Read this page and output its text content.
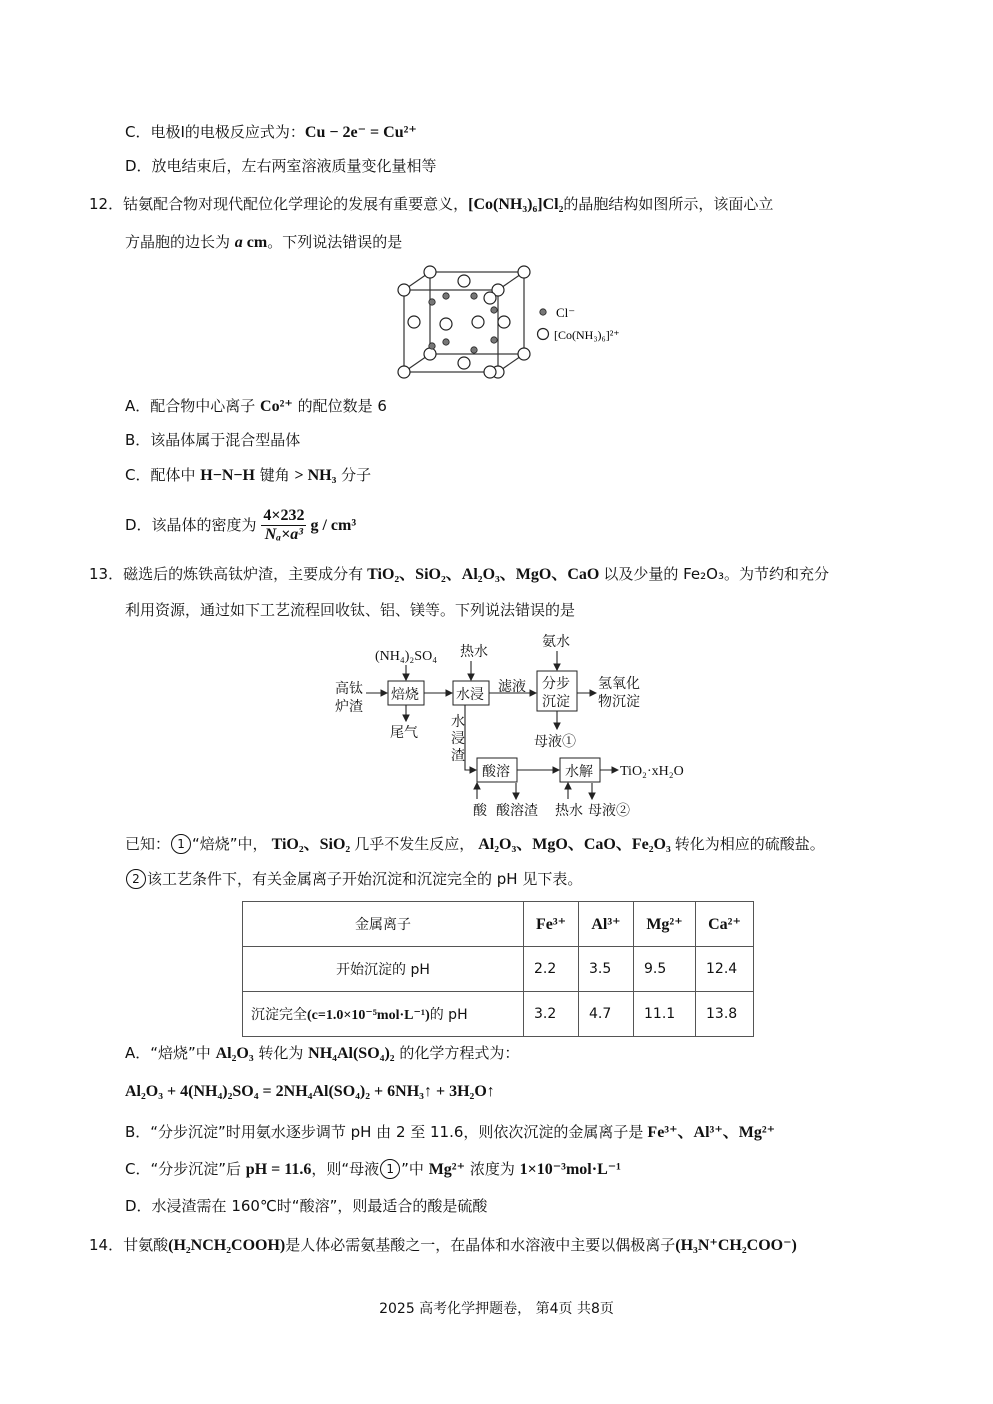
C．电极Ⅰ的电极反应式为：Cu − 2e⁻ = Cu²⁺
D．放电结束后，左右两室溶液质量变化量相等
12．钴氨配合物对现代配位化学理论的发展有重要意义，[Co(NH₃)₆]Cl₂的晶胞结构如图所示，该面心立
方晶胞的边长为 a cm。下列说法错误的是
Cl⁻
[Co(NH₃)₆]²⁺
A．配合物中心离子 Co²⁺ 的配位数是 6
B．该晶体属于混合型晶体
C．配体中 H−N−H 键角 > NH₃ 分子
D．该晶体的密度为 $\frac{4\times 232}{\text{Nₐ×a³}}$ g / cm³
13．磁选后的炼铁高钛炉渣，主要成分有 TiO₂、SiO₂、Al₂O₃、MgO、CaO 以及少量的 Fe₂O₃。为节约和充分
利用资源，通过如下工艺流程回收钛、铝、镁等。下列说法错误的是
(NH₄)₂SO₄ 热水
氨水
高钛
炉渣
焙烧	水浸
滤液 分步
沉淀
氢氧化
物沉淀
尾气
水
浸
渣
母液①
酸溶	水解 TiO₂·xH₂O
酸 酸溶渣 热水 母液②
已知： 1 “焙烧”中， TiO₂、SiO₂ 几乎不发生反应， Al₂O₃、MgO、CaO、Fe₂O₃ 转化为相应的硫酸盐。
2 该工艺条件下，有关金属离子开始沉淀和沉淀完全的 pH 见下表。
金属离子	Fe³⁺	Al³⁺	Mg²⁺	Ca²⁺
开始沉淀的 pH	2.2	3.5	9.5	12.4
沉淀完全(c=1.0×10⁻⁵mol·L⁻¹)的 pH	3.2	4.7	11.1	13.8
A．“焙烧”中 Al₂O₃ 转化为 NH₄Al(SO₄)₂ 的化学方程式为：
Al₂O₃ + 4(NH₄)₂SO₄ = 2NH₄Al(SO₄)₂ + 6NH₃↑ + 3H₂O↑
B．“分步沉淀”时用氨水逐步调节 pH 由 2 至 11.6，则依次沉淀的金属离子是 Fe³⁺、Al³⁺、Mg²⁺
C．“分步沉淀”后 pH = 11.6，则“母液 1 ”中 Mg²⁺ 浓度为 1×10⁻³mol·L⁻¹
D．水浸渣需在 160℃时“酸溶”，则最适合的酸是硫酸
14．甘氨酸(H₂NCH₂COOH)是人体必需氨基酸之一，在晶体和水溶液中主要以偶极离子(H₃N⁺CH₂COO⁻)
2025 高考化学押题卷， 第4页 共8页
